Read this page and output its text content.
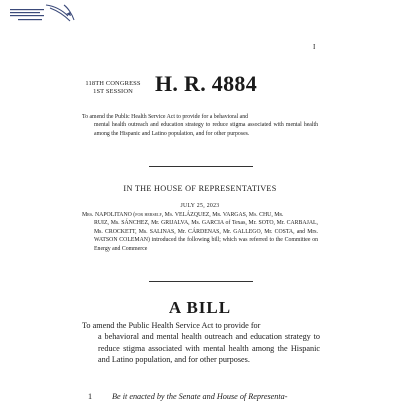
I
118TH CONGRESS
1ST SESSION	H. R. 4884
To amend the Public Health Service Act to provide for a behavioral and
mental health outreach and education strategy to reduce stigma associated with mental health among the Hispanic and Latino population, and for other purposes.
IN THE HOUSE OF REPRESENTATIVES
JULY 25, 2023
Mrs. NAPOLITANO (for herself, Ms. VELÁZQUEZ, Mr. VARGAS, Ms. CHU, Mr.
RUIZ, Ms. SÁNCHEZ, Mr. GRIJALVA, Ms. GARCIA of Texas, Mr. SOTO, Mr. CARBAJAL, Ms. CROCKETT, Ms. SALINAS, Mr. CÁRDENAS, Mr. GALLEGO, Mr. COSTA, and Mrs. WATSON COLEMAN) introduced the following bill; which was referred to the Committee on Energy and Commerce
A BILL
To amend the Public Health Service Act to provide for
a behavioral and mental health outreach and education strategy to reduce stigma associated with mental health among the Hispanic and Latino population, and for other purposes.
1 Be it enacted by the Senate and House of Representa-
